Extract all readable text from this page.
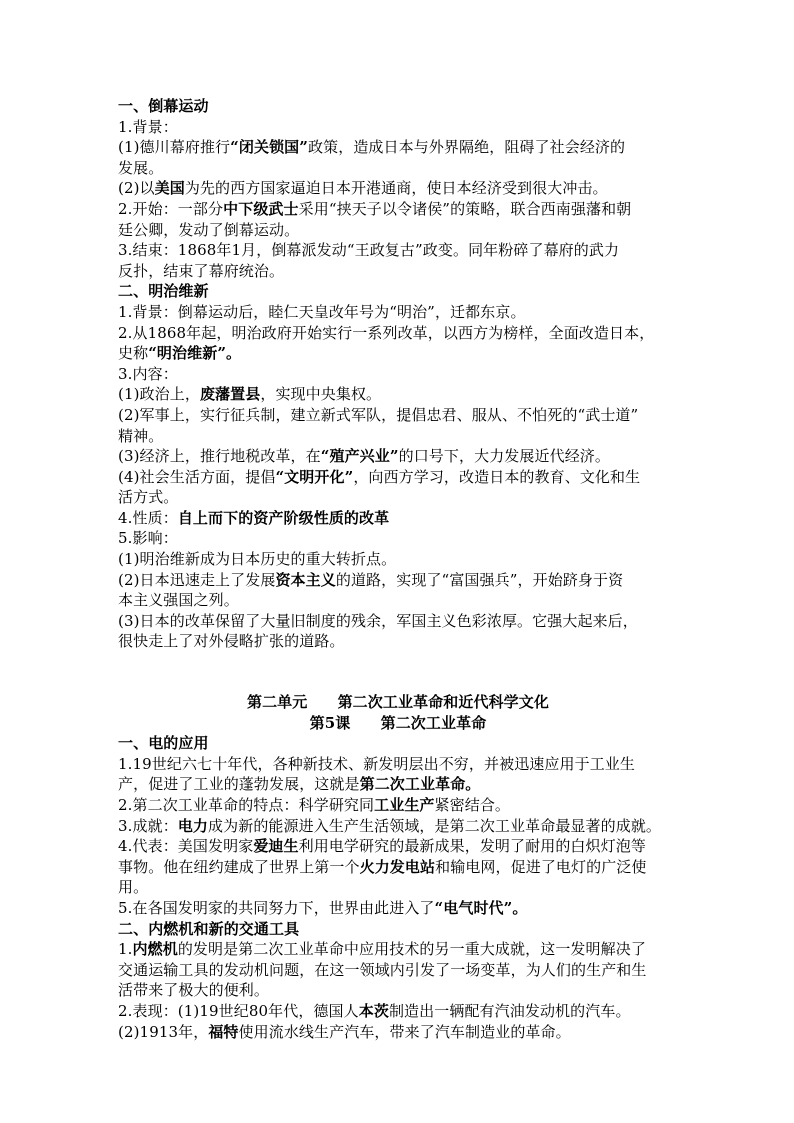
一、倒幕运动
1.背景：
(1)德川幕府推行“闭关锁国”政策，造成日本与外界隔绝，阻碍了社会经济的
发展。
(2)以美国为先的西方国家逼迫日本开港通商，使日本经济受到很大冲击。
2.开始：一部分中下级武士采用“挟天子以令诸侯”的策略，联合西南强藩和朝
廷公卿，发动了倒幕运动。
3.结束：1868年1月，倒幕派发动“王政复古”政变。同年粉碎了幕府的武力
反扑，结束了幕府统治。
二、明治维新
1.背景：倒幕运动后，睦仁天皇改年号为“明治”，迁都东京。
2.从1868年起，明治政府开始实行一系列改革，以西方为榜样，全面改造日本，
史称“明治维新”。
3.内容：
(1)政治上，废藩置县，实现中央集权。
(2)军事上，实行征兵制，建立新式军队，提倡忠君、服从、不怕死的“武士道”
精神。
(3)经济上，推行地税改革，在“殖产兴业”的口号下，大力发展近代经济。
(4)社会生活方面，提倡“文明开化”，向西方学习，改造日本的教育、文化和生
活方式。
4.性质：自上而下的资产阶级性质的改革
5.影响：
(1)明治维新成为日本历史的重大转折点。
(2)日本迅速走上了发展资本主义的道路，实现了“富国强兵”，开始跻身于资
本主义强国之列。
(3)日本的改革保留了大量旧制度的残余，军国主义色彩浓厚。它强大起来后，
很快走上了对外侵略扩张的道路。
第二单元　　第二次工业革命和近代科学文化
第5课　　第二次工业革命
一、电的应用
1.19世纪六七十年代，各种新技术、新发明层出不穷，并被迅速应用于工业生
产，促进了工业的蓬勃发展，这就是第二次工业革命。
2.第二次工业革命的特点：科学研究同工业生产紧密结合。
3.成就：电力成为新的能源进入生产生活领域，是第二次工业革命最显著的成就。
4.代表：美国发明家爱迪生利用电学研究的最新成果，发明了耐用的白炽灯泡等
事物。他在纽约建成了世界上第一个火力发电站和输电网，促进了电灯的广泛使
用。
5.在各国发明家的共同努力下，世界由此进入了“电气时代”。
二、内燃机和新的交通工具
1.内燃机的发明是第二次工业革命中应用技术的另一重大成就，这一发明解决了
交通运输工具的发动机问题，在这一领域内引发了一场变革，为人们的生产和生
活带来了极大的便利。
2.表现：(1)19世纪80年代，德国人本茨制造出一辆配有汽油发动机的汽车。
(2)1913年，福特使用流水线生产汽车，带来了汽车制造业的革命。
